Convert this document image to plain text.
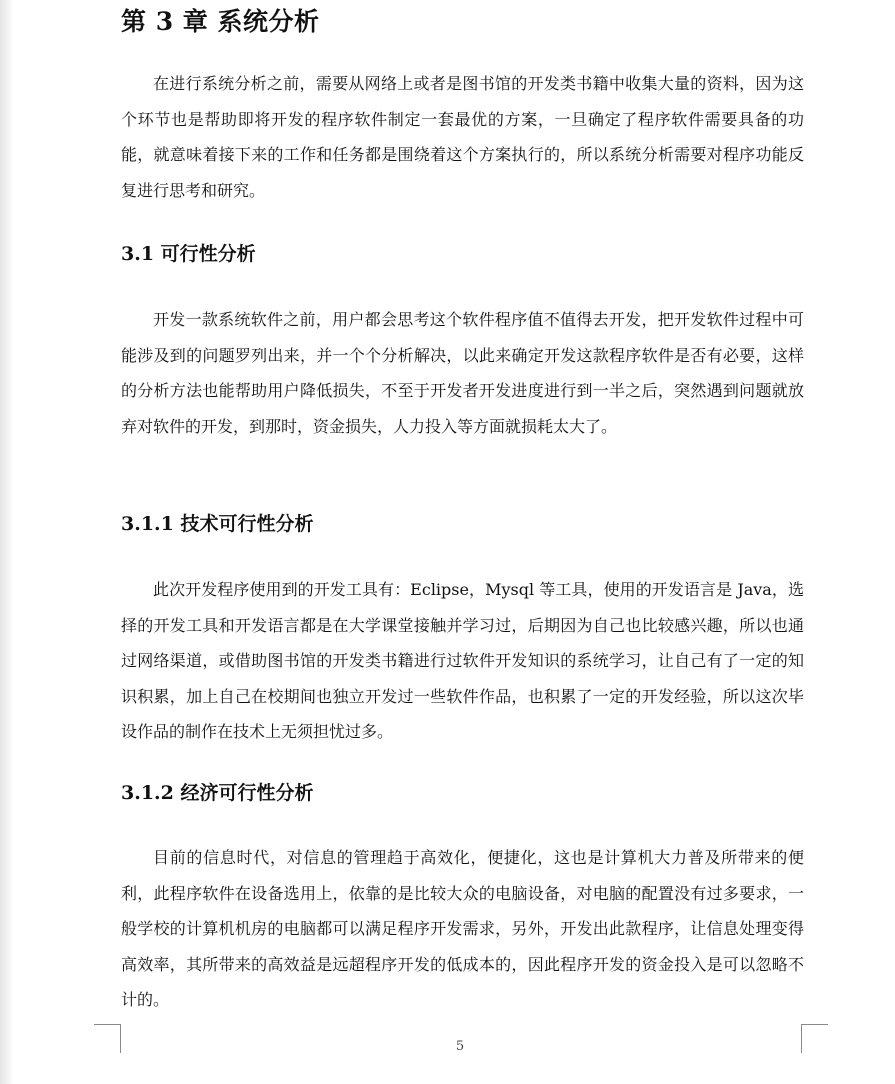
第 3 章 系统分析

在进行系统分析之前，需要从网络上或者是图书馆的开发类书籍中收集大量的资料，因为这个环节也是帮助即将开发的程序软件制定一套最优的方案，一旦确定了程序软件需要具备的功能，就意味着接下来的工作和任务都是围绕着这个方案执行的，所以系统分析需要对程序功能反复进行思考和研究。

3.1 可行性分析

开发一款系统软件之前，用户都会思考这个软件程序值不值得去开发，把开发软件过程中可能涉及到的问题罗列出来，并一个个分析解决，以此来确定开发这款程序软件是否有必要，这样的分析方法也能帮助用户降低损失，不至于开发者开发进度进行到一半之后，突然遇到问题就放弃对软件的开发，到那时，资金损失，人力投入等方面就损耗太大了。

3.1.1 技术可行性分析

此次开发程序使用到的开发工具有：Eclipse，Mysql 等工具，使用的开发语言是 Java，选择的开发工具和开发语言都是在大学课堂接触并学习过，后期因为自己也比较感兴趣，所以也通过网络渠道，或借助图书馆的开发类书籍进行过软件开发知识的系统学习，让自己有了一定的知识积累，加上自己在校期间也独立开发过一些软件作品，也积累了一定的开发经验，所以这次毕设作品的制作在技术上无须担忧过多。

3.1.2 经济可行性分析

目前的信息时代，对信息的管理趋于高效化，便捷化，这也是计算机大力普及所带来的便利，此程序软件在设备选用上，依靠的是比较大众的电脑设备，对电脑的配置没有过多要求，一般学校的计算机机房的电脑都可以满足程序开发需求，另外，开发出此款程序，让信息处理变得高效率，其所带来的高效益是远超程序开发的低成本的，因此程序开发的资金投入是可以忽略不计的。

5
